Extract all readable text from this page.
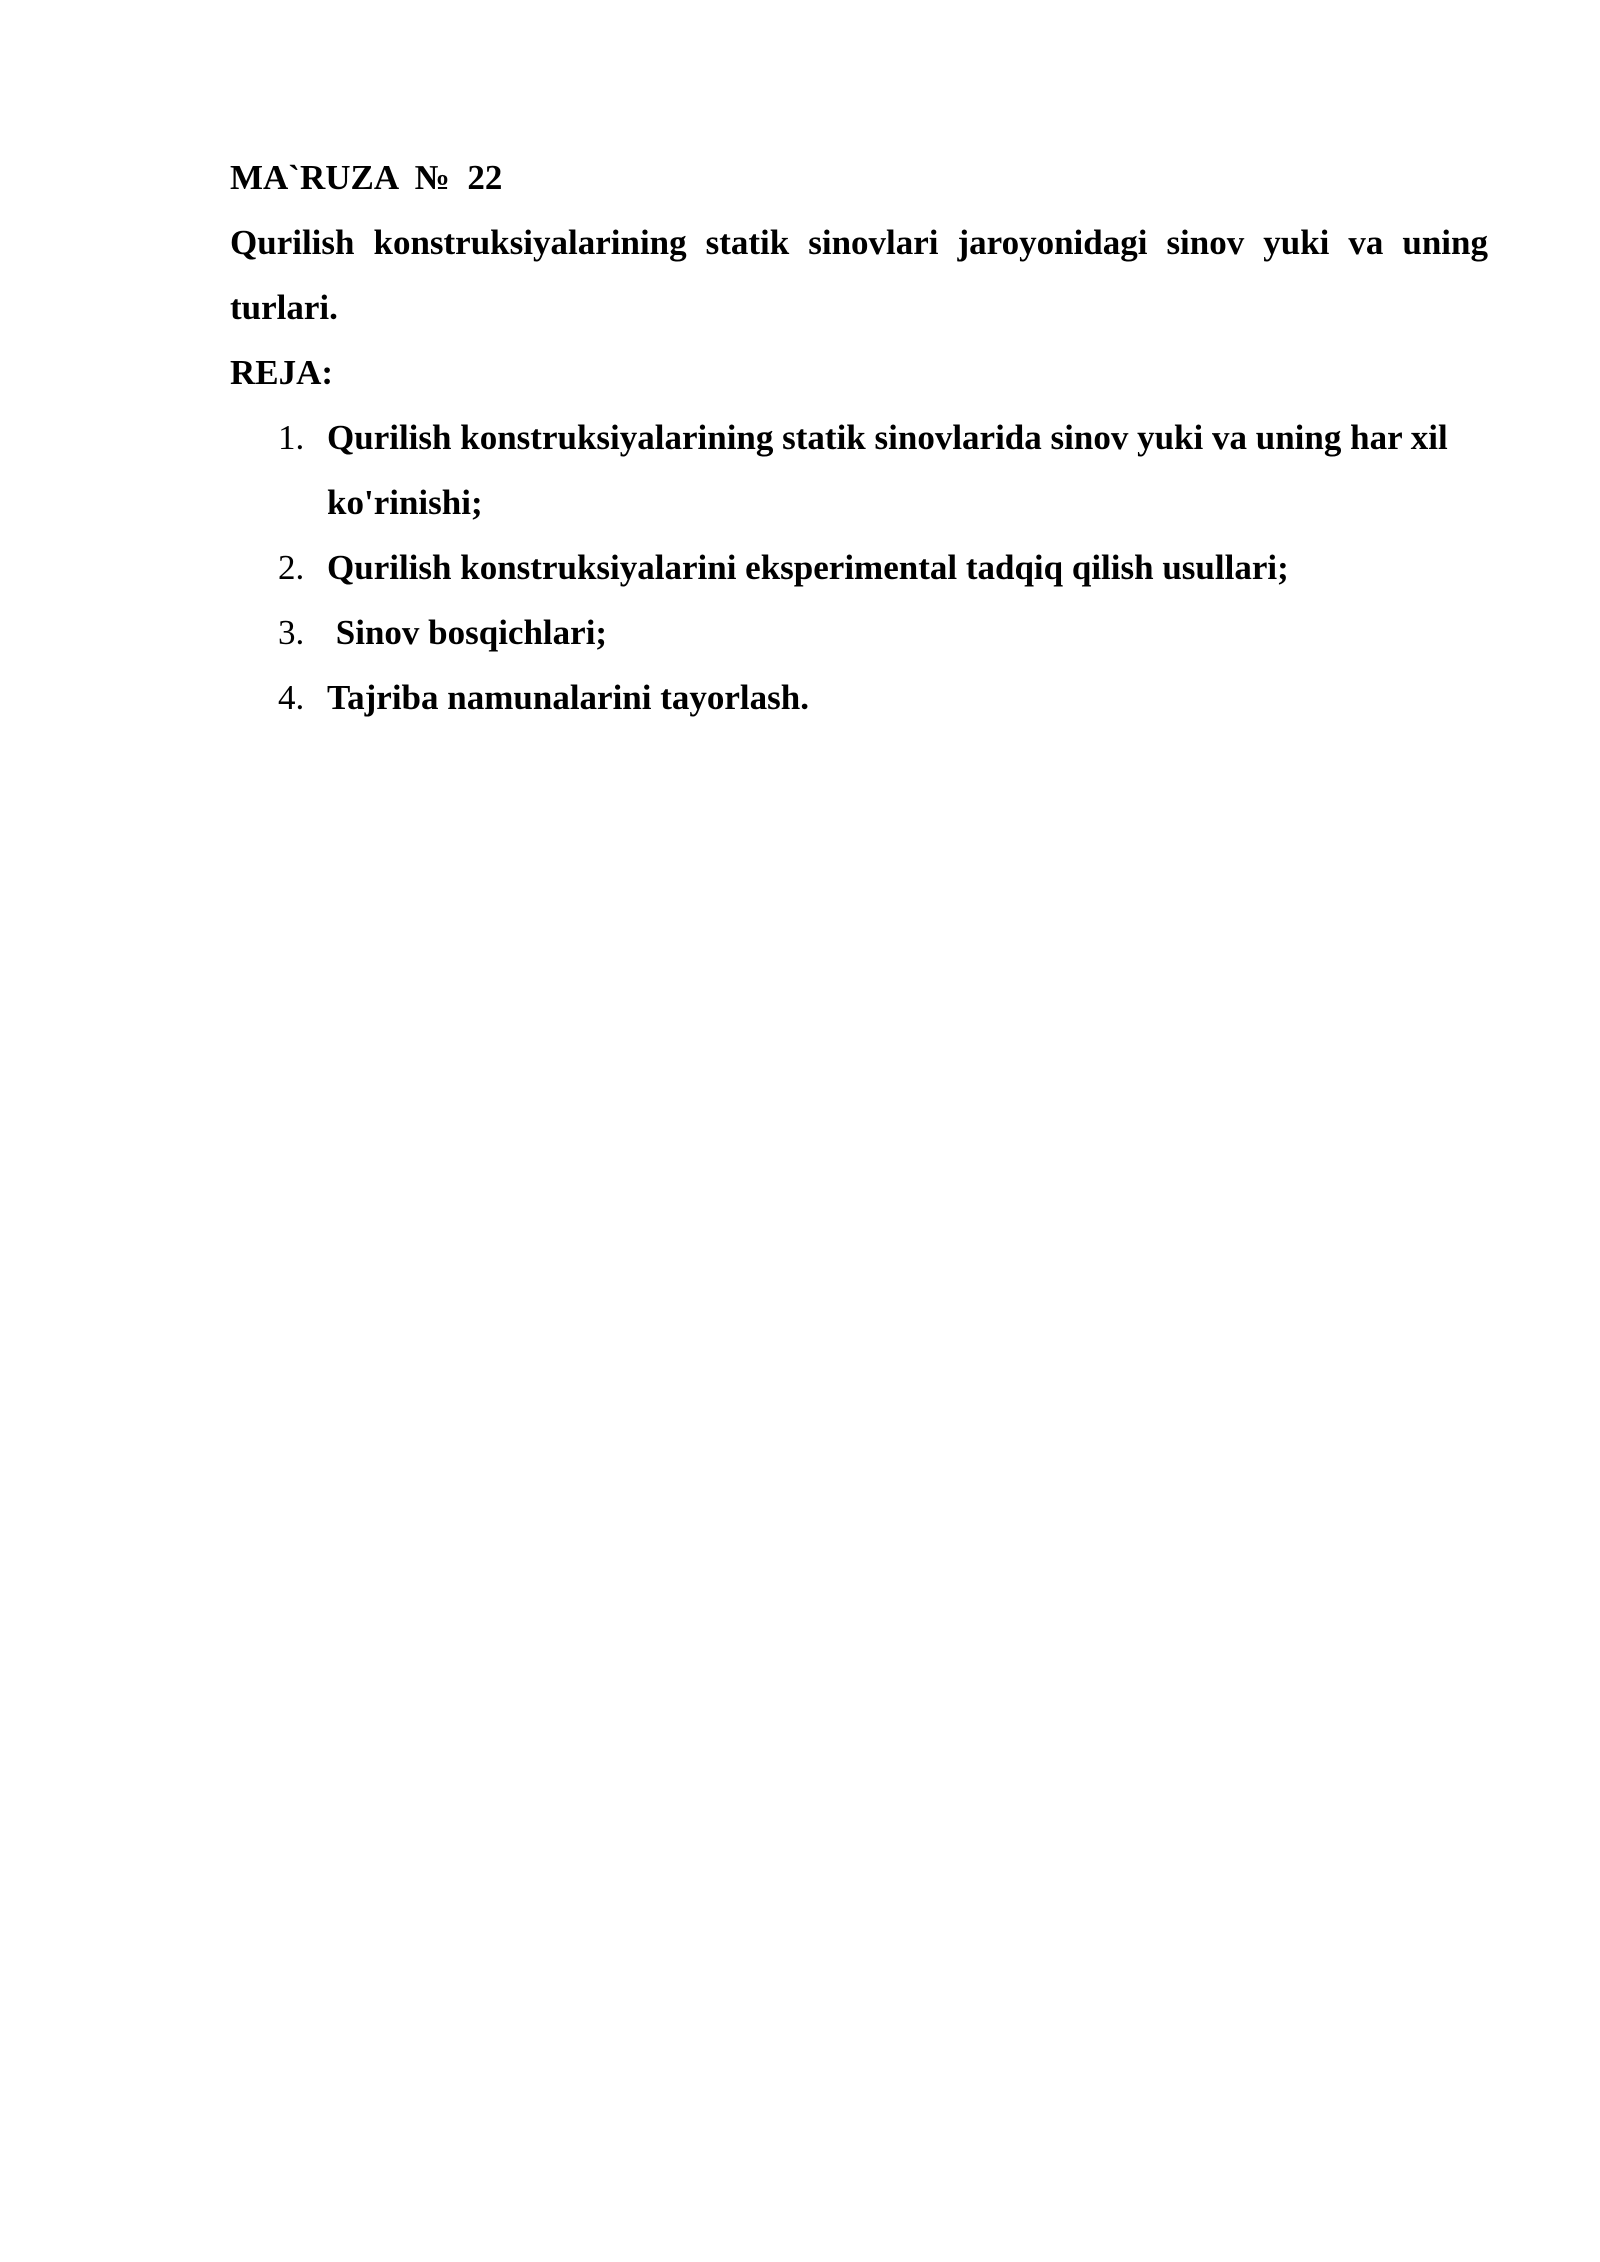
MA`RUZA  №  22

Qurilish konstruksiyalarining statik sinovlari jaroyonidagi sinov yuki va uning turlari.

REJA:

1. Qurilish konstruksiyalarining statik sinovlarida sinov yuki va uning har xil ko'rinishi;
2. Qurilish konstruksiyalarini eksperimental tadqiq qilish usullari;
3. Sinov bosqichlari;
4. Tajriba namunalarini tayorlash.
